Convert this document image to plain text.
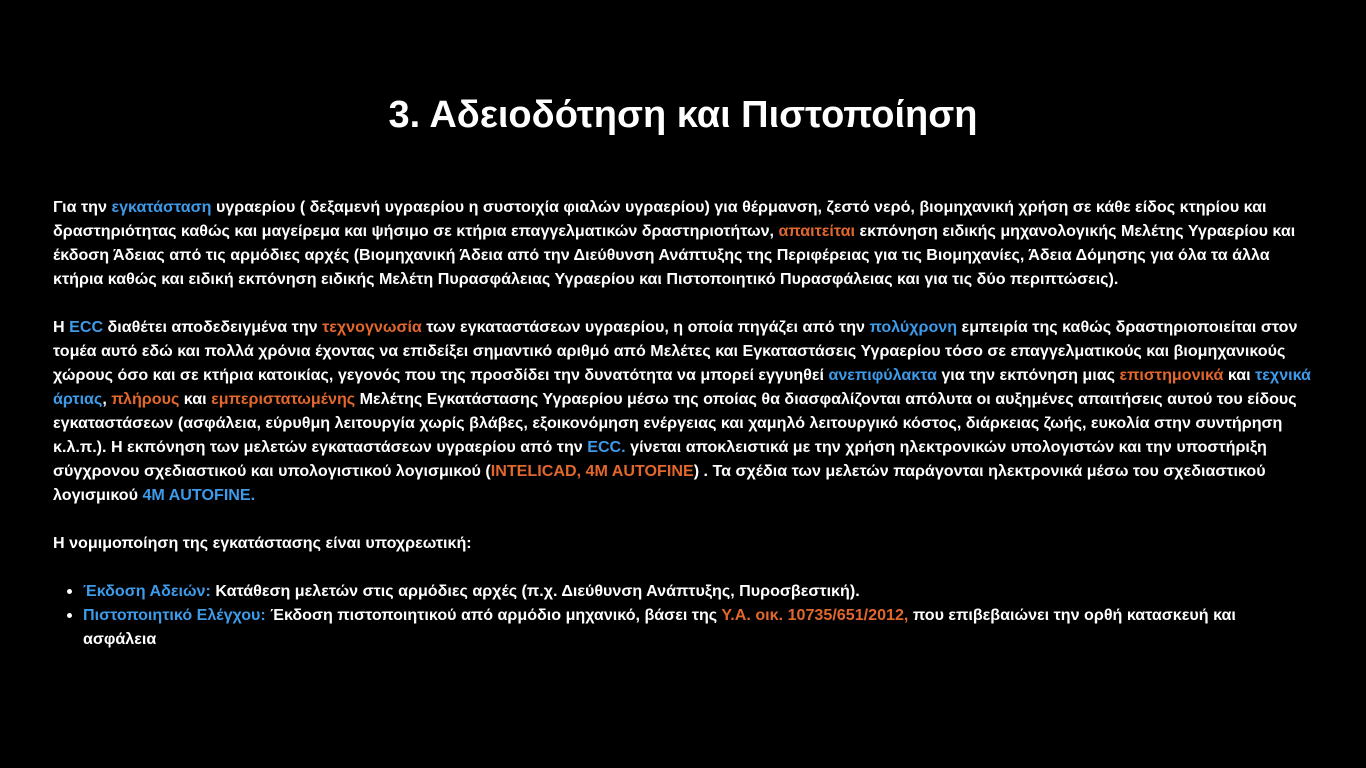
3. Αδειοδότηση και Πιστοποίηση

Για την εγκατάσταση υγραερίου ( δεξαμενή υγραερίου η συστοιχία φιαλών υγραερίου) για θέρμανση, ζεστό νερό, βιομηχανική χρήση σε κάθε είδος κτηρίου και δραστηριότητας καθώς και μαγείρεμα και ψήσιμο σε κτήρια επαγγελματικών δραστηριοτήτων, απαιτείται εκπόνηση ειδικής μηχανολογικής Μελέτης Υγραερίου και έκδοση Άδειας από τις αρμόδιες αρχές (Βιομηχανική Άδεια από την Διεύθυνση Ανάπτυξης της Περιφέρειας για τις Βιομηχανίες, Άδεια Δόμησης για όλα τα άλλα κτήρια καθώς και ειδική εκπόνηση ειδικής Μελέτη Πυρασφάλειας Υγραερίου και Πιστοποιητικό Πυρασφάλειας και για τις δύο περιπτώσεις).

Η ECC διαθέτει αποδεδειγμένα την τεχνογνωσία των εγκαταστάσεων υγραερίου, η οποία πηγάζει από την πολύχρονη εμπειρία της καθώς δραστηριοποιείται στον τομέα αυτό εδώ και πολλά χρόνια έχοντας να επιδείξει σημαντικό αριθμό από Μελέτες και Εγκαταστάσεις Υγραερίου τόσο σε επαγγελματικούς και βιομηχανικούς χώρους όσο και σε κτήρια κατοικίας, γεγονός που της προσδίδει την δυνατότητα να μπορεί εγγυηθεί ανεπιφύλακτα για την εκπόνηση μιας επιστημονικά και τεχνικά άρτιας, πλήρους και εμπεριστατωμένης Μελέτης Εγκατάστασης Υγραερίου μέσω της οποίας θα διασφαλίζονται απόλυτα οι αυξημένες απαιτήσεις αυτού του είδους εγκαταστάσεων (ασφάλεια, εύρυθμη λειτουργία χωρίς βλάβες, εξοικονόμηση ενέργειας και χαμηλό λειτουργικό κόστος, διάρκειας ζωής, ευκολία στην συντήρηση κ.λ.π.). Η εκπόνηση των μελετών εγκαταστάσεων υγραερίου από την ECC. γίνεται αποκλειστικά με την χρήση ηλεκτρονικών υπολογιστών και την υποστήριξη σύγχρονου σχεδιαστικού και υπολογιστικού λογισμικού (INTELICAD, 4M AUTOFINE) . Τα σχέδια των μελετών παράγονται ηλεκτρονικά μέσω του σχεδιαστικού λογισμικού 4M AUTOFINE.

Η νομιμοποίηση της εγκατάστασης είναι υποχρεωτική:

• Έκδοση Αδειών: Κατάθεση μελετών στις αρμόδιες αρχές (π.χ. Διεύθυνση Ανάπτυξης, Πυροσβεστική).
• Πιστοποιητικό Ελέγχου: Έκδοση πιστοποιητικού από αρμόδιο μηχανικό, βάσει της Υ.Α. οικ. 10735/651/2012, που επιβεβαιώνει την ορθή κατασκευή και ασφάλεια
